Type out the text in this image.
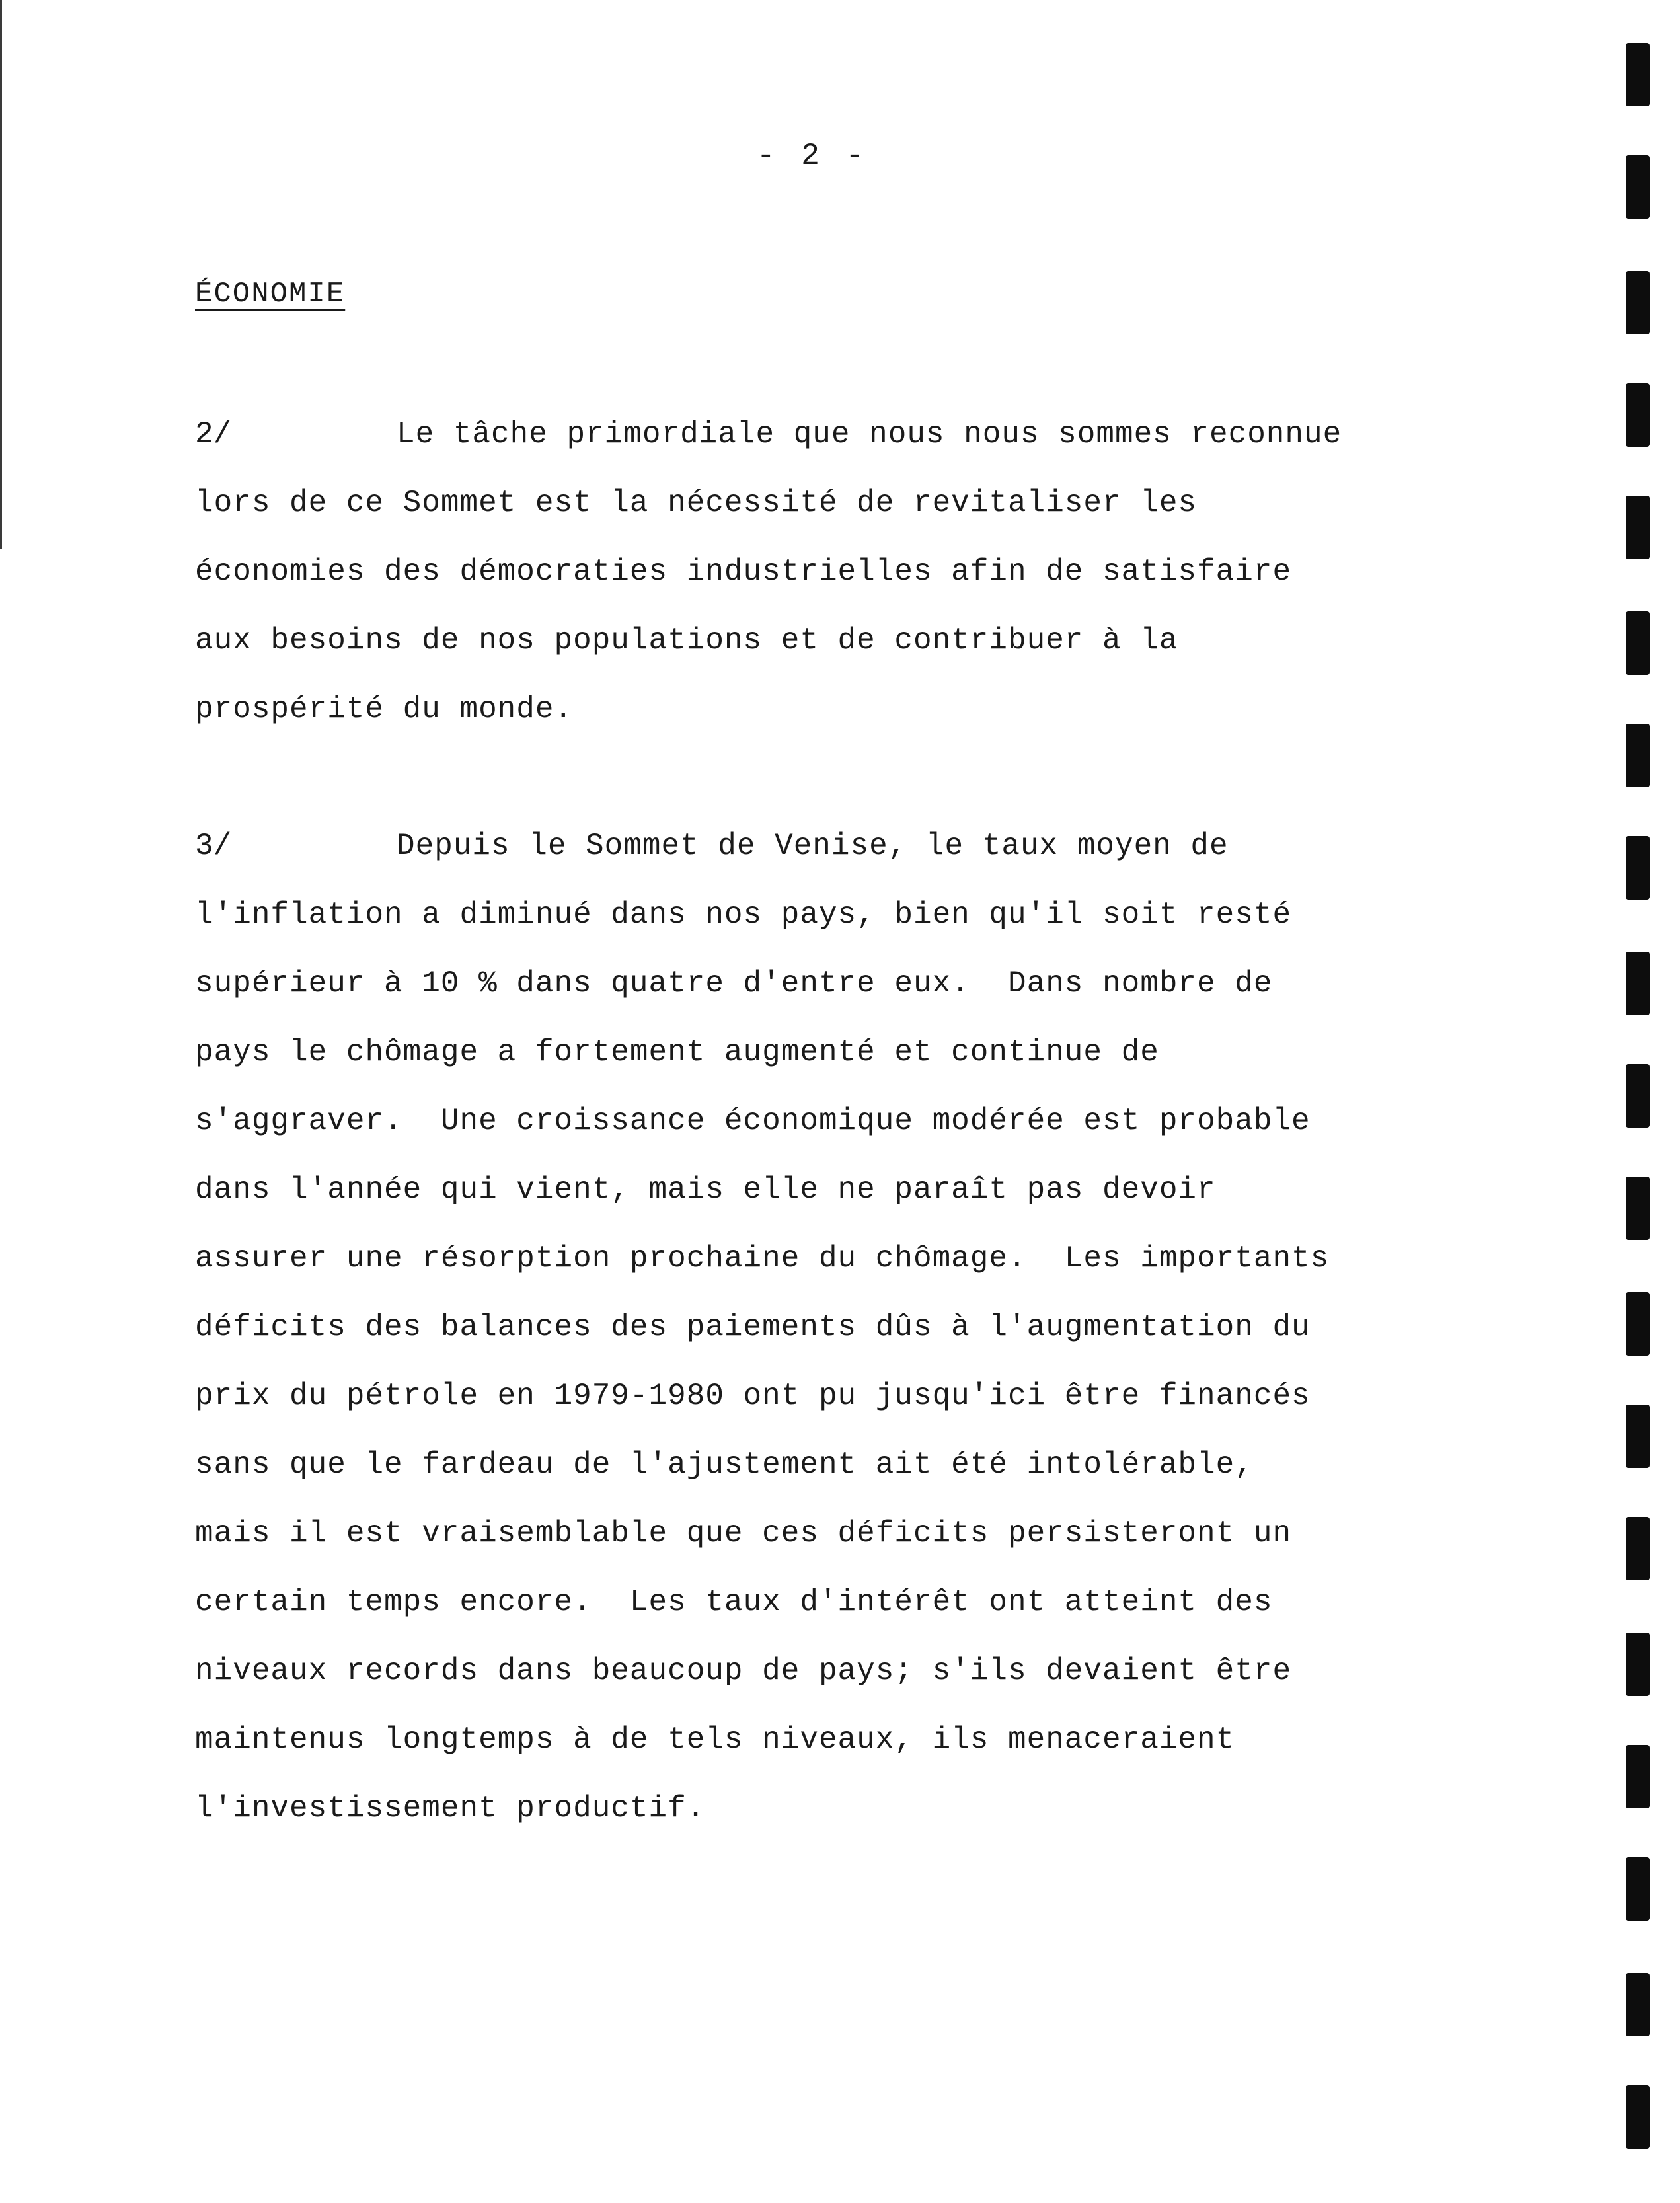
- 2 -
ÉCONOMIE
2/	Le tâche primordiale que nous nous sommes reconnue
lors de ce Sommet est la nécessité de revitaliser les
économies des démocraties industrielles afin de satisfaire
aux besoins de nos populations et de contribuer à la
prospérité du monde.
3/	Depuis le Sommet de Venise, le taux moyen de
l'inflation a diminué dans nos pays, bien qu'il soit resté
supérieur à 10 % dans quatre d'entre eux.  Dans nombre de
pays le chômage a fortement augmenté et continue de
s'aggraver.  Une croissance économique modérée est probable
dans l'année qui vient, mais elle ne paraît pas devoir
assurer une résorption prochaine du chômage.  Les importants
déficits des balances des paiements dûs à l'augmentation du
prix du pétrole en 1979-1980 ont pu jusqu'ici être financés
sans que le fardeau de l'ajustement ait été intolérable,
mais il est vraisemblable que ces déficits persisteront un
certain temps encore.  Les taux d'intérêt ont atteint des
niveaux records dans beaucoup de pays; s'ils devaient être
maintenus longtemps à de tels niveaux, ils menaceraient
l'investissement productif.
